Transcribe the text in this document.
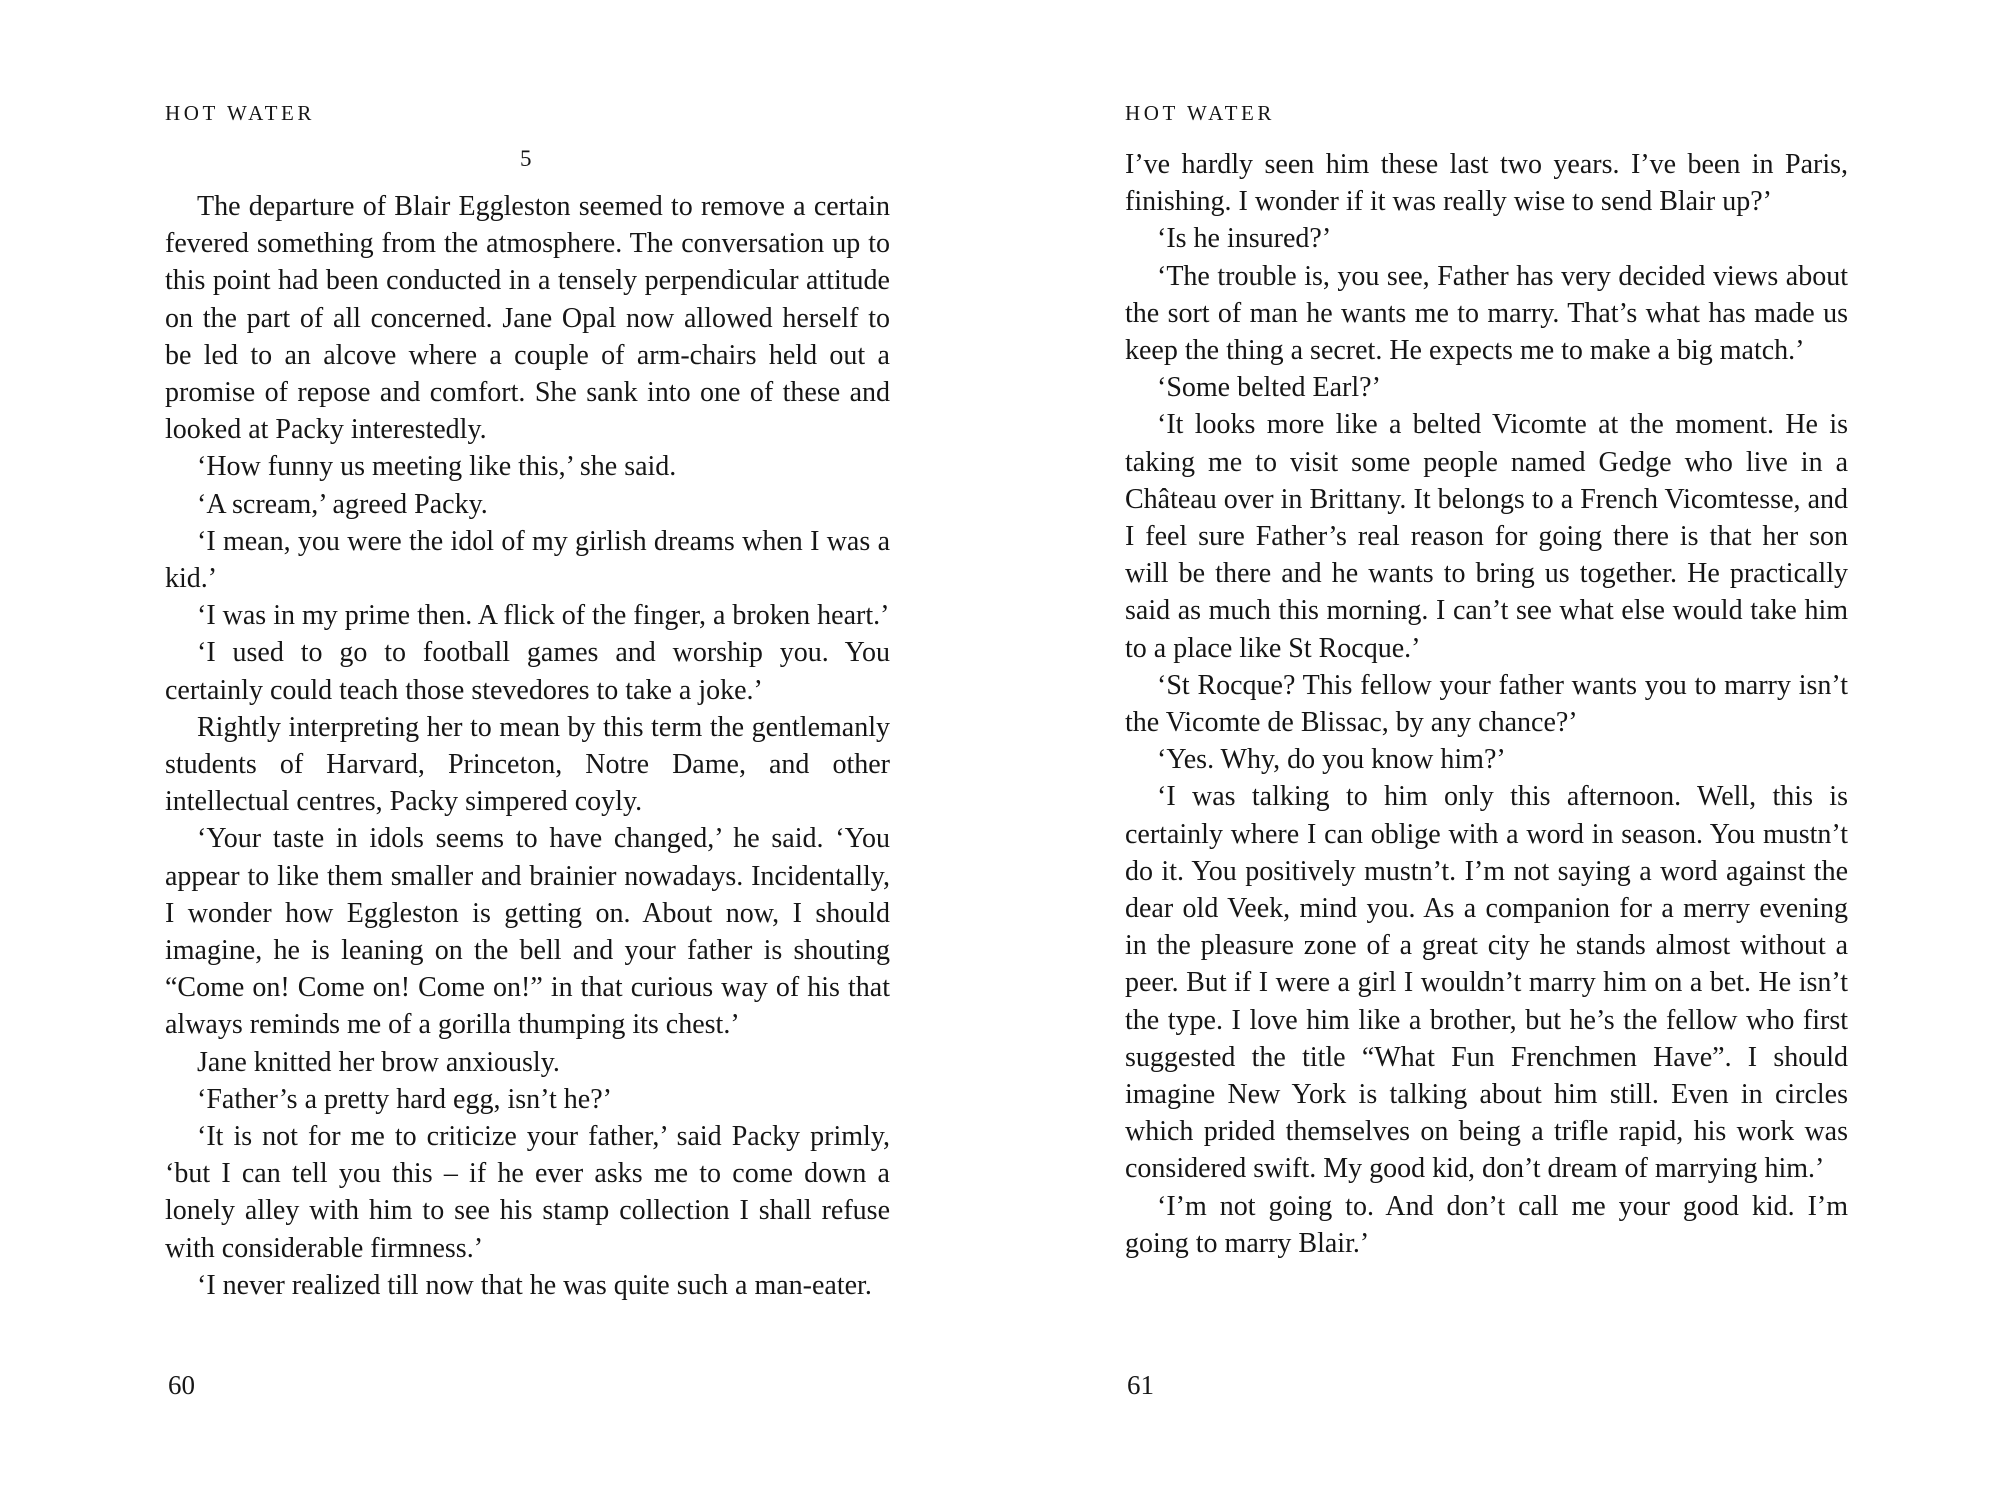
HOT WATER
5

The departure of Blair Eggleston seemed to remove a certain fevered something from the atmosphere. The conversation up to this point had been conducted in a tensely perpendicular attitude on the part of all concerned. Jane Opal now allowed herself to be led to an alcove where a couple of arm-chairs held out a promise of repose and comfort. She sank into one of these and looked at Packy interestedly.

‘How funny us meeting like this,’ she said.

‘A scream,’ agreed Packy.

‘I mean, you were the idol of my girlish dreams when I was a kid.’

‘I was in my prime then. A flick of the finger, a broken heart.’

‘I used to go to football games and worship you. You certainly could teach those stevedores to take a joke.’

Rightly interpreting her to mean by this term the gentlemanly students of Harvard, Princeton, Notre Dame, and other intellectual centres, Packy simpered coyly.

‘Your taste in idols seems to have changed,’ he said. ‘You appear to like them smaller and brainier nowadays. Incidentally, I wonder how Eggleston is getting on. About now, I should imagine, he is leaning on the bell and your father is shouting “Come on! Come on! Come on!” in that curious way of his that always reminds me of a gorilla thumping its chest.’

Jane knitted her brow anxiously.

‘Father’s a pretty hard egg, isn’t he?’

‘It is not for me to criticize your father,’ said Packy primly, ‘but I can tell you this – if he ever asks me to come down a lonely alley with him to see his stamp collection I shall refuse with considerable firmness.’

‘I never realized till now that he was quite such a man-eater.

60
HOT WATER

I’ve hardly seen him these last two years. I’ve been in Paris, finishing. I wonder if it was really wise to send Blair up?’

‘Is he insured?’

‘The trouble is, you see, Father has very decided views about the sort of man he wants me to marry. That’s what has made us keep the thing a secret. He expects me to make a big match.’

‘Some belted Earl?’

‘It looks more like a belted Vicomte at the moment. He is taking me to visit some people named Gedge who live in a Château over in Brittany. It belongs to a French Vicomtesse, and I feel sure Father’s real reason for going there is that her son will be there and he wants to bring us together. He practically said as much this morning. I can’t see what else would take him to a place like St Rocque.’

‘St Rocque? This fellow your father wants you to marry isn’t the Vicomte de Blissac, by any chance?’

‘Yes. Why, do you know him?’

‘I was talking to him only this afternoon. Well, this is certainly where I can oblige with a word in season. You mustn’t do it. You positively mustn’t. I’m not saying a word against the dear old Veek, mind you. As a companion for a merry evening in the pleasure zone of a great city he stands almost without a peer. But if I were a girl I wouldn’t marry him on a bet. He isn’t the type. I love him like a brother, but he’s the fellow who first suggested the title “What Fun Frenchmen Have”. I should imagine New York is talking about him still. Even in circles which prided themselves on being a trifle rapid, his work was considered swift. My good kid, don’t dream of marrying him.’

‘I’m not going to. And don’t call me your good kid. I’m going to marry Blair.’

61
